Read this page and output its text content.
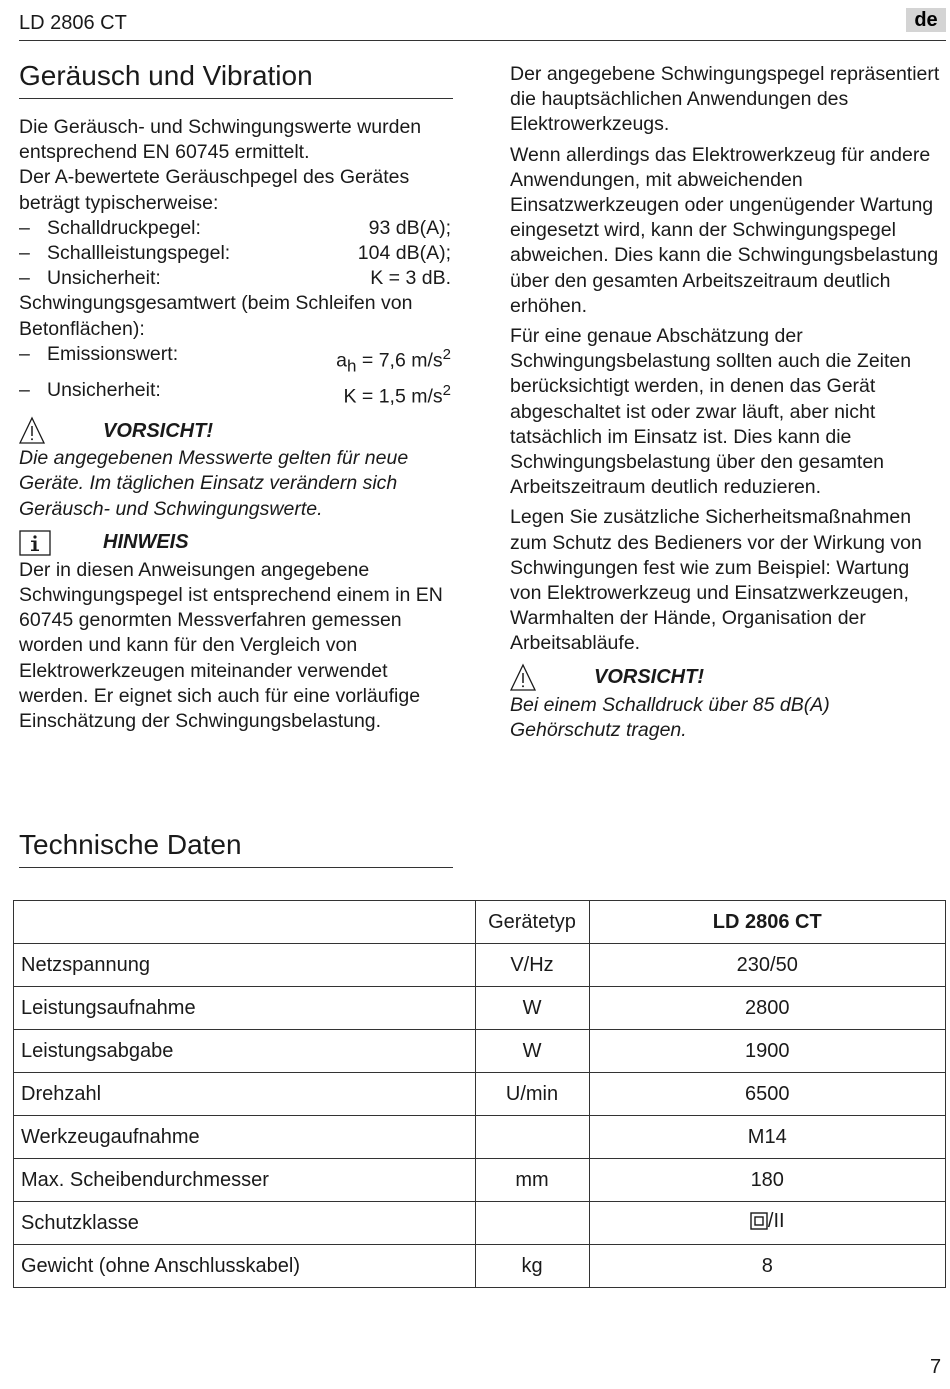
LD 2806 CT	de
Geräusch und Vibration

Die Geräusch- und Schwingungswerte wurden entsprechend EN 60745 ermittelt.

Der A-bewertete Geräuschpegel des Gerätes beträgt typischerweise:

– Schalldruckpegel:	93 dB(A);
– Schallleistungspegel:	104 dB(A);
– Unsicherheit:	K = 3 dB.

Schwingungsgesamtwert (beim Schleifen von Betonflächen):

– Emissionswert:	$a_h = 7,6$ $m/s^2$
– Unsicherheit:	K = 1,5 $m/s^2$
VORSICHT!

Die angegebenen Messwerte gelten für neue Geräte. Im täglichen Einsatz verändern sich Geräusch- und Schwingungswerte.

HINWEIS

Der in diesen Anweisungen angegebene Schwingungspegel ist entsprechend einem in EN 60745 genormten Messverfahren gemessen worden und kann für den Vergleich von Elektrowerkzeugen miteinander verwendet werden. Er eignet sich auch für eine vorläufige Einschätzung der Schwingungsbelastung.

Der angegebene Schwingungspegel repräsentiert die hauptsächlichen Anwendungen des Elektrowerkzeugs.

Wenn allerdings das Elektrowerkzeug für andere Anwendungen, mit abweichenden Einsatzwerkzeugen oder ungenügender Wartung eingesetzt wird, kann der Schwingungspegel abweichen. Dies kann die Schwingungsbelastung über den gesamten Arbeitszeitraum deutlich erhöhen.

Für eine genaue Abschätzung der Schwingungsbelastung sollten auch die Zeiten berücksichtigt werden, in denen das Gerät abgeschaltet ist oder zwar läuft, aber nicht tatsächlich im Einsatz ist. Dies kann die Schwingungsbelastung über den gesamten Arbeitszeitraum deutlich reduzieren.

Legen Sie zusätzliche Sicherheitsmaßnahmen zum Schutz des Bedieners vor der Wirkung von Schwingungen fest wie zum Beispiel: Wartung von Elektrowerkzeug und Einsatzwerkzeugen, Warmhalten der Hände, Organisation der Arbeitsabläufe.

VORSICHT!

Bei einem Schalldruck über 85 dB(A) Gehörschutz tragen.

Technische Daten
	Gerätetyp	LD 2806 CT
Netzspannung	V/Hz	230/50
Leistungsaufnahme	W	2800
Leistungsabgabe	W	1900
Drehzahl	U/min	6500
Werkzeugaufnahme		M14
Max. Scheibendurchmesser	mm	180
Schutzklasse		/II
Gewicht (ohne Anschlusskabel)	kg	8
7
